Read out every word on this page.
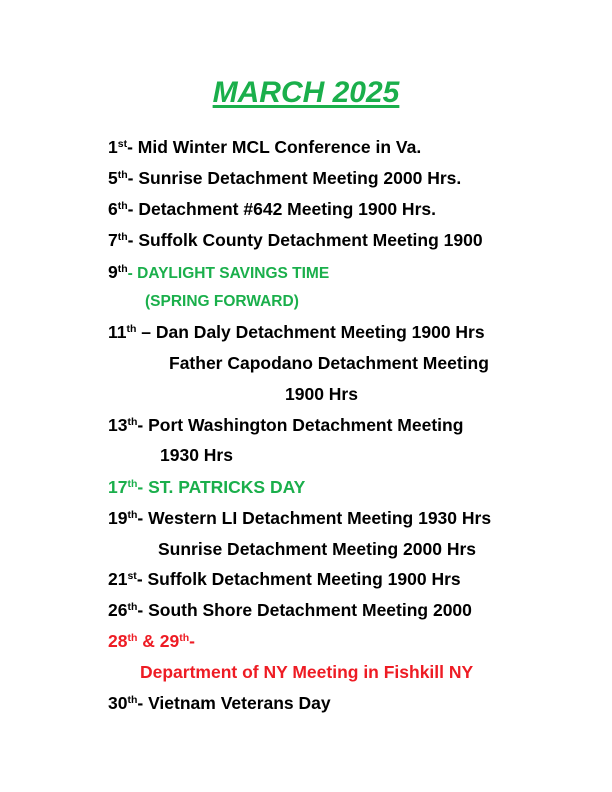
MARCH 2025
1st- Mid Winter MCL Conference in Va.
5th- Sunrise Detachment Meeting 2000 Hrs.
6th- Detachment #642 Meeting 1900 Hrs.
7th- Suffolk County Detachment Meeting 1900
9th- DAYLIGHT SAVINGS TIME
(SPRING FORWARD)
11th – Dan Daly Detachment Meeting 1900 Hrs
Father Capodano Detachment Meeting
1900 Hrs
13th- Port Washington Detachment Meeting
1930 Hrs
17th- ST. PATRICKS DAY
19th- Western LI Detachment Meeting 1930 Hrs
Sunrise Detachment Meeting 2000 Hrs
21st- Suffolk Detachment Meeting 1900 Hrs
26th- South Shore Detachment Meeting 2000
28th & 29th-
Department of NY Meeting in Fishkill NY
30th- Vietnam Veterans Day
